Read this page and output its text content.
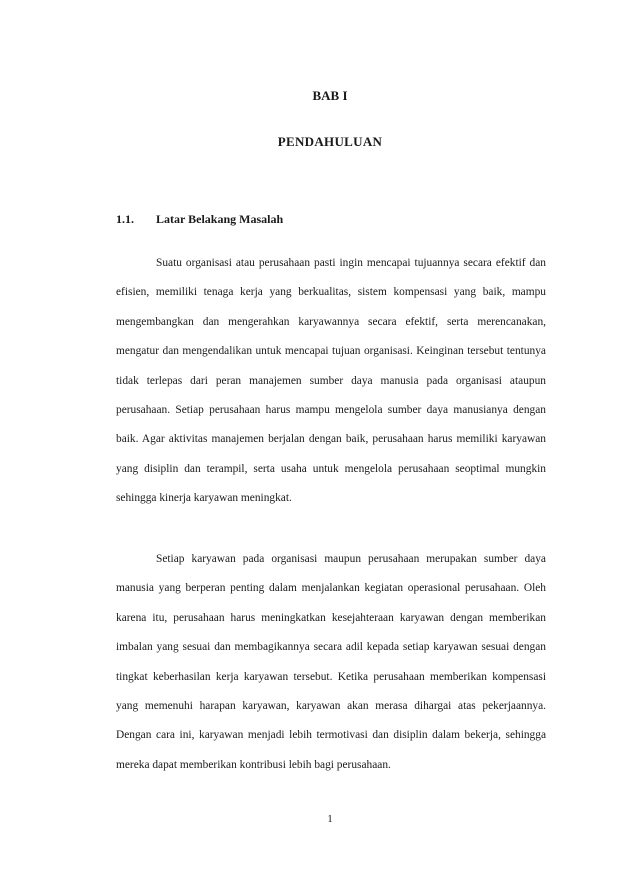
BAB I
PENDAHULUAN
1.1. Latar Belakang Masalah

Suatu organisasi atau perusahaan pasti ingin mencapai tujuannya secara efektif dan efisien, memiliki tenaga kerja yang berkualitas, sistem kompensasi yang baik, mampu mengembangkan dan mengerahkan karyawannya secara efektif, serta merencanakan, mengatur dan mengendalikan untuk mencapai tujuan organisasi. Keinginan tersebut tentunya tidak terlepas dari peran manajemen sumber daya manusia pada organisasi ataupun perusahaan. Setiap perusahaan harus mampu mengelola sumber daya manusianya dengan baik. Agar aktivitas manajemen berjalan dengan baik, perusahaan harus memiliki karyawan yang disiplin dan terampil, serta usaha untuk mengelola perusahaan seoptimal mungkin sehingga kinerja karyawan meningkat.

Setiap karyawan pada organisasi maupun perusahaan merupakan sumber daya manusia yang berperan penting dalam menjalankan kegiatan operasional perusahaan. Oleh karena itu, perusahaan harus meningkatkan kesejahteraan karyawan dengan memberikan imbalan yang sesuai dan membagikannya secara adil kepada setiap karyawan sesuai dengan tingkat keberhasilan kerja karyawan tersebut. Ketika perusahaan memberikan kompensasi yang memenuhi harapan karyawan, karyawan akan merasa dihargai atas pekerjaannya. Dengan cara ini, karyawan menjadi lebih termotivasi dan disiplin dalam bekerja, sehingga mereka dapat memberikan kontribusi lebih bagi perusahaan.

1
